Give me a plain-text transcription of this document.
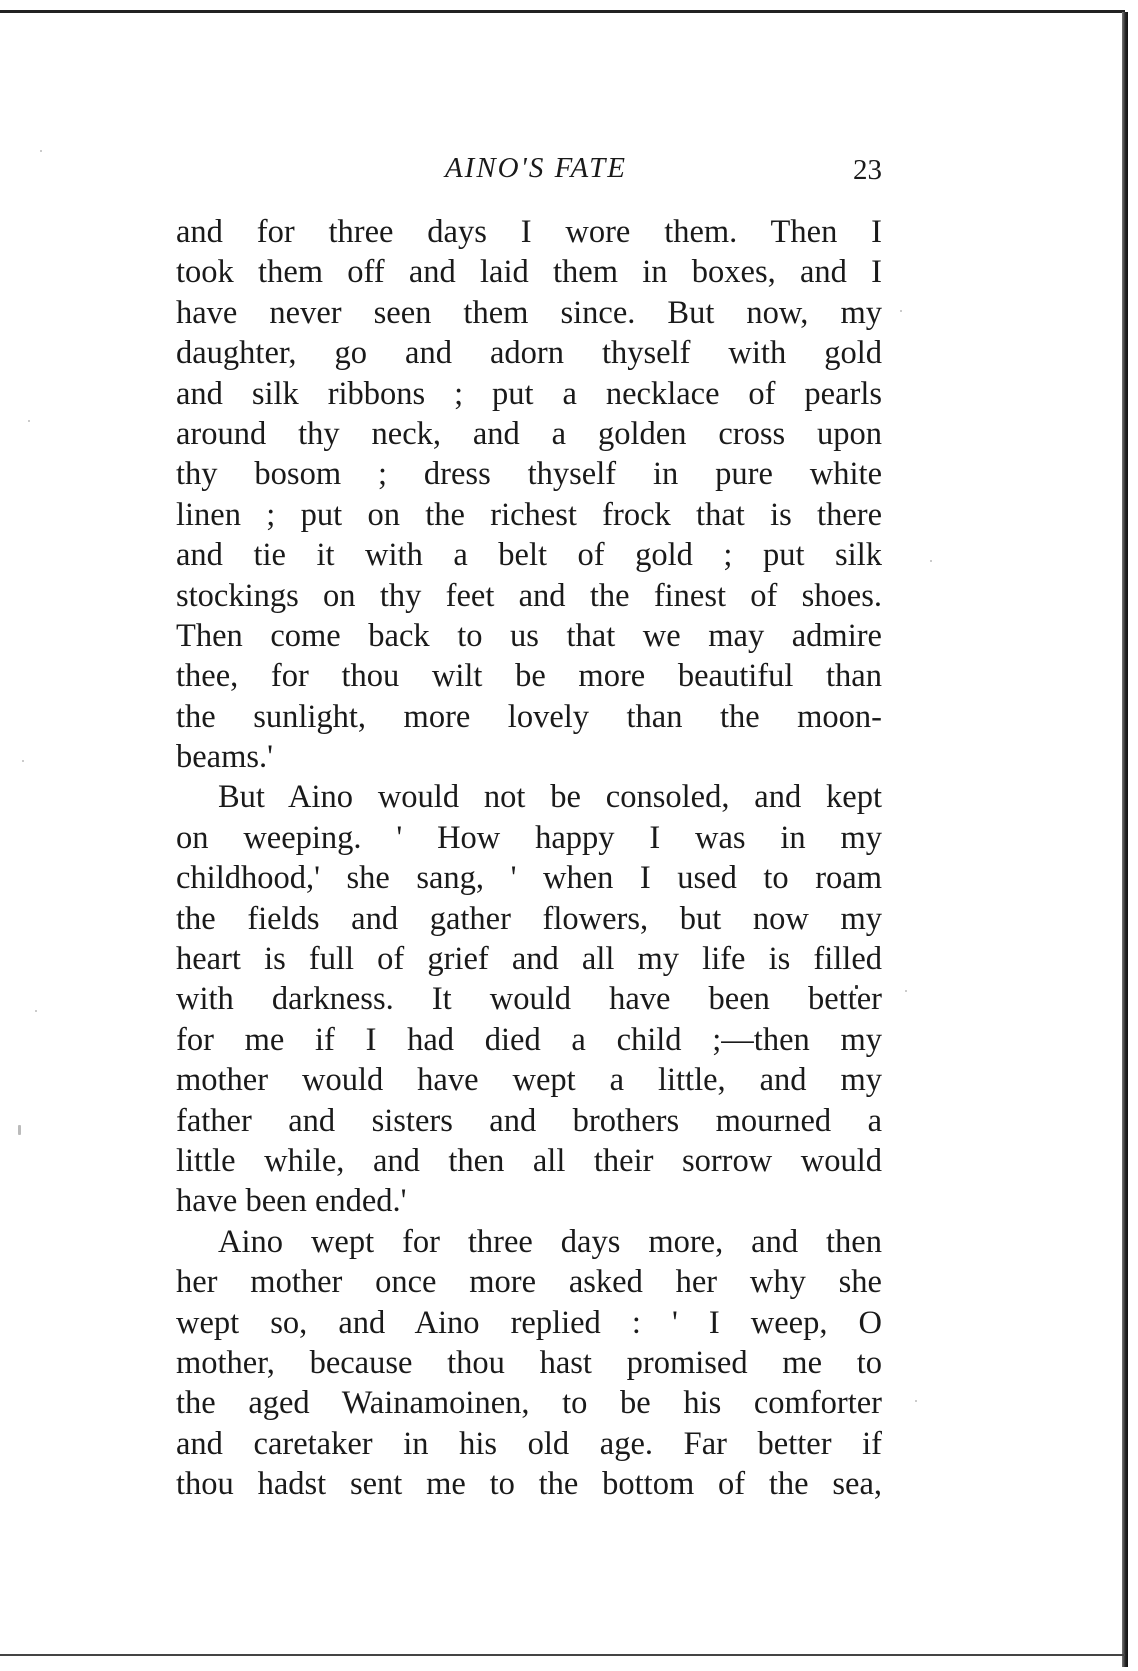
AINO'S FATE	23
and for three days I wore them. Then I
took them off and laid them in boxes, and I
have never seen them since. But now, my
daughter, go and adorn thyself with gold
and silk ribbons ; put a necklace of pearls
around thy neck, and a golden cross upon
thy bosom ; dress thyself in pure white
linen ; put on the richest frock that is there
and tie it with a belt of gold ; put silk
stockings on thy feet and the finest of shoes.
Then come back to us that we may admire
thee, for thou wilt be more beautiful than
the sunlight, more lovely than the moon-
beams.'
But Aino would not be consoled, and kept
on weeping. ' How happy I was in my
childhood,' she sang, ' when I used to roam
the fields and gather flowers, but now my
heart is full of grief and all my life is filled
with darkness. It would have been better
for me if I had died a child ;—then my
mother would have wept a little, and my
father and sisters and brothers mourned a
little while, and then all their sorrow would
have been ended.'
Aino wept for three days more, and then
her mother once more asked her why she
wept so, and Aino replied : ' I weep, O
mother, because thou hast promised me to
the aged Wainamoinen, to be his comforter
and caretaker in his old age. Far better if
thou hadst sent me to the bottom of the sea,
